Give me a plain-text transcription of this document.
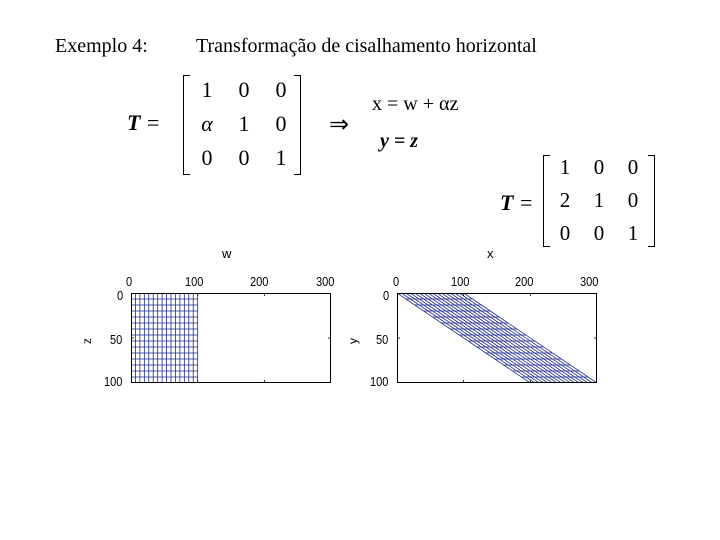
Exemplo 4: Transformação de cisalhamento horizontal
T =
1	0	0
α	1	0
0	0	1
⇒
x = w + αz
y = z
T =
1	0	0
2	1	0
0	0	1
w
z
0	100	200	300
0
50
100
x
y
0	100	200	300
0
50
100
